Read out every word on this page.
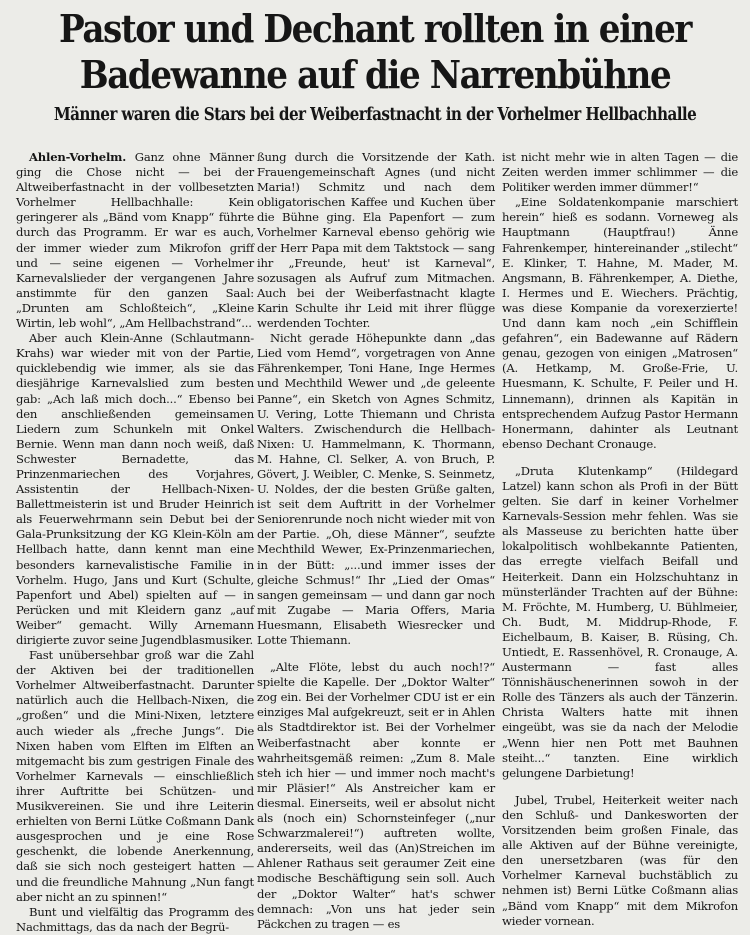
Pastor und Dechant rollten in einer
Badewanne auf die Narrenbühne
Männer waren die Stars bei der Weiberfastnacht in der Vorhelmer Hellbachhalle

Ahlen-Vorhelm. Ganz ohne Männer ging die Chose nicht — bei der Altweiberfastnacht in der vollbesetzten Vorhelmer Hellbachhalle: Kein geringerer als „Bänd vom Knapp“ führte durch das Programm. Er war es auch, der immer wieder zum Mikrofon griff und — seine eigenen — Vorhelmer Karnevalslieder der vergangenen Jahre anstimmte für den ganzen Saal: „Drunten am Schloßteich“, „Kleine Wirtin, leb wohl“, „Am Hellbachstrand“...

Aber auch Klein-Anne (Schlautmann-Krahs) war wieder mit von der Partie, quicklebendig wie immer, als sie das diesjährige Karnevalslied zum besten gab: „Ach laß mich doch...“ Ebenso bei den anschließenden gemeinsamen Liedern zum Schunkeln mit Onkel Bernie. Wenn man dann noch weiß, daß Schwester Bernadette, das Prinzenmariechen des Vorjahres, Assistentin der Hellbach-Nixen-Ballettmeisterin ist und Bruder Heinrich als Feuerwehrmann sein Debut bei der Gala-Prunksitzung der KG Klein-Köln am Hellbach hatte, dann kennt man eine besonders karnevalistische Familie in Vorhelm. Hugo, Jans und Kurt (Schulte, Papenfort und Abel) spielten auf — in Perücken und mit Kleidern ganz „auf Weiber“ gemacht. Willy Arnemann dirigierte zuvor seine Jugendblasmusiker.

Fast unübersehbar groß war die Zahl der Aktiven bei der traditionellen Vorhelmer Altweiberfastnacht. Darunter natürlich auch die Hellbach-Nixen, die „großen“ und die Mini-Nixen, letztere auch wieder als „freche Jungs“. Die Nixen haben vom Elften im Elften an mitgemacht bis zum gestrigen Finale des Vorhelmer Karnevals — einschließlich ihrer Auftritte bei Schützen- und Musikvereinen. Sie und ihre Leiterin erhielten von Berni Lütke Coßmann Dank ausgesprochen und je eine Rose geschenkt, die lobende Anerkennung, daß sie sich noch gesteigert hatten — und die freundliche Mahnung „Nun fangt aber nicht an zu spinnen!“

Bunt und vielfältig das Programm des Nachmittags, das da nach der Begrü-

ßung durch die Vorsitzende der Kath. Frauengemeinschaft Agnes (und nicht Maria!) Schmitz und nach dem obligatorischen Kaffee und Kuchen über die Bühne ging. Ela Papenfort — zum Vorhelmer Karneval ebenso gehörig wie der Herr Papa mit dem Taktstock — sang ihr „Freunde, heut' ist Karneval“, sozusagen als Aufruf zum Mitmachen. Auch bei der Weiberfastnacht klagte Karin Schulte ihr Leid mit ihrer flügge werdenden Tochter.

Nicht gerade Höhepunkte dann „das Lied vom Hemd“, vorgetragen von Anne Fährenkemper, Toni Hane, Inge Hermes und Mechthild Wewer und „de geleente Panne“, ein Sketch von Agnes Schmitz, U. Vering, Lotte Thiemann und Christa Walters. Zwischendurch die Hellbach-Nixen: U. Hammelmann, K. Thormann, M. Hahne, Cl. Selker, A. von Bruch, P. Gövert, J. Weibler, C. Menke, S. Seinmetz, U. Noldes, der die besten Grüße galten, ist seit dem Auftritt in der Vorhelmer Seniorenrunde noch nicht wieder mit von der Partie. „Oh, diese Männer“, seufzte Mechthild Wewer, Ex-Prinzenmariechen, in der Bütt: „...und immer isses der gleiche Schmus!“ Ihr „Lied der Omas“ sangen gemeinsam — und dann gar noch mit Zugabe — Maria Offers, Maria Huesmann, Elisabeth Wiesrecker und Lotte Thiemann.

„Alte Flöte, lebst du auch noch!?“ spielte die Kapelle. Der „Doktor Walter“ zog ein. Bei der Vorhelmer CDU ist er ein einziges Mal aufgekreuzt, seit er in Ahlen als Stadtdirektor ist. Bei der Vorhelmer Weiberfastnacht aber konnte er wahrheitsgemäß reimen: „Zum 8. Male steh ich hier — und immer noch macht's mir Pläsier!“ Als Anstreicher kam er diesmal. Einerseits, weil er absolut nicht als (noch ein) Schornsteinfeger („nur Schwarzmalerei!“) auftreten wollte, andererseits, weil das (An)Streichen im Ahlener Rathaus seit geraumer Zeit eine modische Beschäftigung sein soll. Auch der „Doktor Walter“ hat's schwer demnach: „Von uns hat jeder sein Päckchen zu tragen — es

ist nicht mehr wie in alten Tagen — die Zeiten werden immer schlimmer — die Politiker werden immer dümmer!“

„Eine Soldatenkompanie marschiert herein“ hieß es sodann. Vorneweg als Hauptmann (Hauptfrau!) Änne Fahrenkemper, hintereinander „stilecht“ E. Klinker, T. Hahne, M. Mader, M. Angsmann, B. Fährenkemper, A. Diethe, I. Hermes und E. Wiechers. Prächtig, was diese Kompanie da vorexerzierte! Und dann kam noch „ein Schifflein gefahren“, ein Badewanne auf Rädern genau, gezogen von einigen „Matrosen“ (A. Hetkamp, M. Große-Frie, U. Huesmann, K. Schulte, F. Peiler und H. Linnemann), drinnen als Kapitän in entsprechendem Aufzug Pastor Hermann Honermann, dahinter als Leutnant ebenso Dechant Cronauge.

„Druta Klutenkamp“ (Hildegard Latzel) kann schon als Profi in der Bütt gelten. Sie darf in keiner Vorhelmer Karnevals-Session mehr fehlen. Was sie als Masseuse zu berichten hatte über lokalpolitisch wohlbekannte Patienten, das erregte vielfach Beifall und Heiterkeit. Dann ein Holzschuhtanz in münsterländer Trachten auf der Bühne: M. Fröchte, M. Humberg, U. Bühlmeier, Ch. Budt, M. Middrup-Rhode, F. Eichelbaum, B. Kaiser, B. Rüsing, Ch. Untiedt, E. Rassenhövel, R. Cronauge, A. Austermann — fast alles Tönnishäuschenerinnen sowoh in der Rolle des Tänzers als auch der Tänzerin. Christa Walters hatte mit ihnen eingeübt, was sie da nach der Melodie „Wenn hier nen Pott met Bauhnen steiht...“ tanzten. Eine wirklich gelungene Darbietung!

Jubel, Trubel, Heiterkeit weiter nach den Schluß- und Dankesworten der Vorsitzenden beim großen Finale, das alle Aktiven auf der Bühne vereinigte, den unersetzbaren (was für den Vorhelmer Karneval buchstäblich zu nehmen ist) Berni Lütke Coßmann alias „Bänd vom Knapp“ mit dem Mikrofon wieder vornean.
